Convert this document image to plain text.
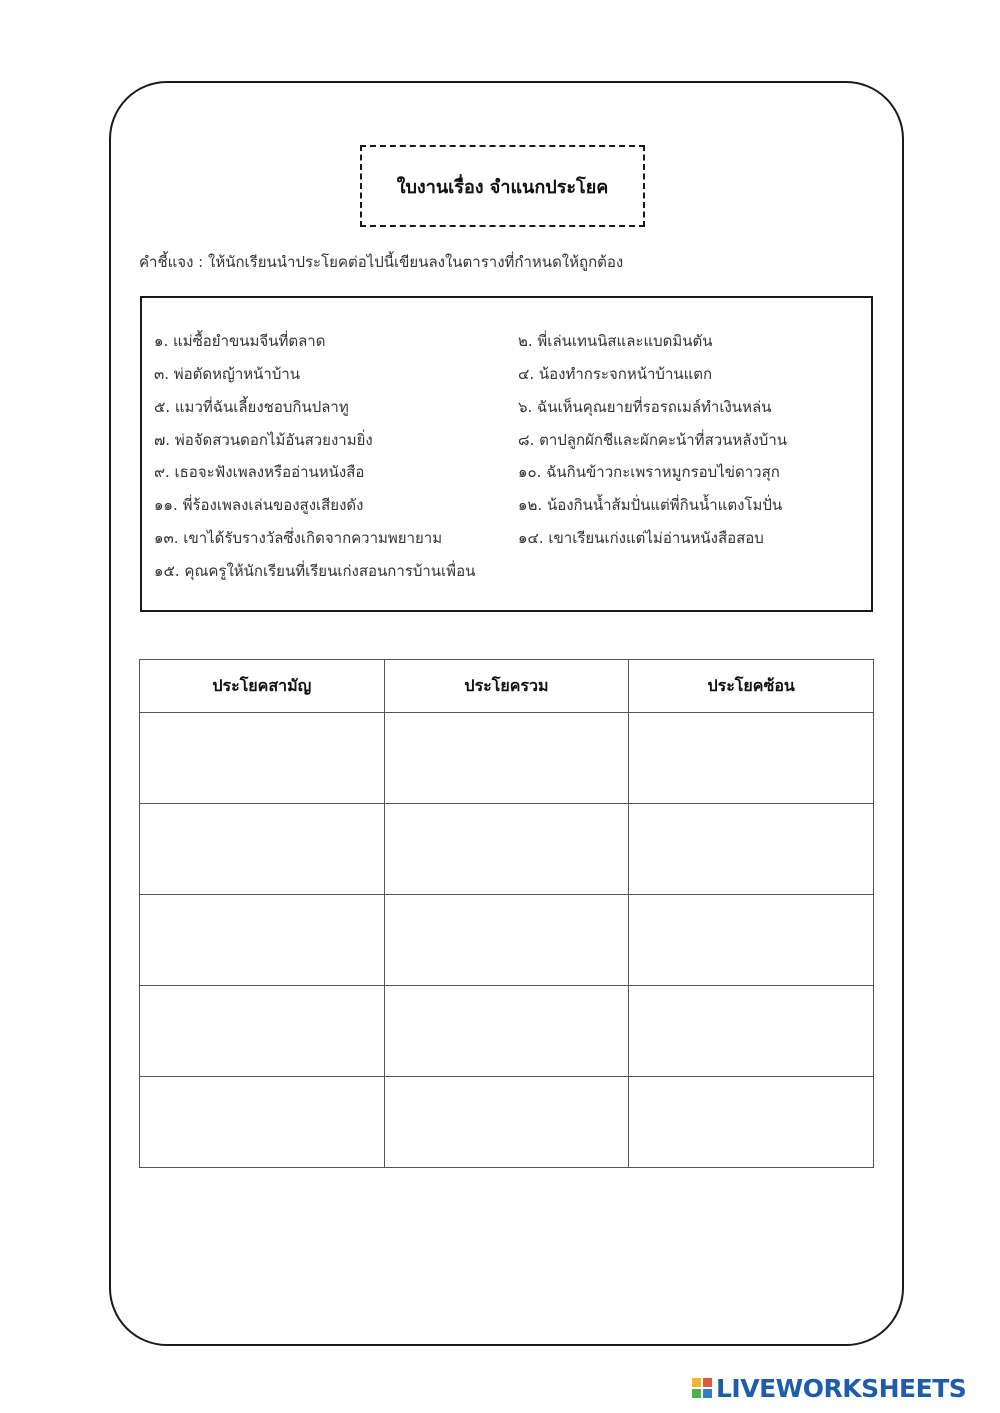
ใบงานเรื่อง จำแนกประโยค
คำชี้แจง : ให้นักเรียนนำประโยคต่อไปนี้เขียนลงในตารางที่กำหนดให้ถูกต้อง
๑. แม่ซื้อยำขนมจีนที่ตลาด
๓. พ่อตัดหญ้าหน้าบ้าน
๕. แมวที่ฉันเลี้ยงชอบกินปลาทู
๗. พ่อจัดสวนดอกไม้อันสวยงามยิ่ง
๙. เธอจะฟังเพลงหรืออ่านหนังสือ
๑๑. พี่ร้องเพลงเล่นของสูงเสียงดัง
๑๓. เขาได้รับรางวัลซึ่งเกิดจากความพยายาม
๑๕. คุณครูให้นักเรียนที่เรียนเก่งสอนการบ้านเพื่อน
๒. พี่เล่นเทนนิสและแบดมินตัน
๔. น้องทำกระจกหน้าบ้านแตก
๖. ฉันเห็นคุณยายที่รอรถเมล์ทำเงินหล่น
๘. ตาปลูกผักชีและผักคะน้าที่สวนหลังบ้าน
๑๐. ฉันกินข้าวกะเพราหมูกรอบไข่ดาวสุก
๑๒. น้องกินน้ำส้มปั่นแต่พี่กินน้ำแตงโมปั่น
๑๔. เขาเรียนเก่งแต่ไม่อ่านหนังสือสอบ
ประโยคสามัญ	ประโยครวม	ประโยคซ้อน

LIVEWORKSHEETS
